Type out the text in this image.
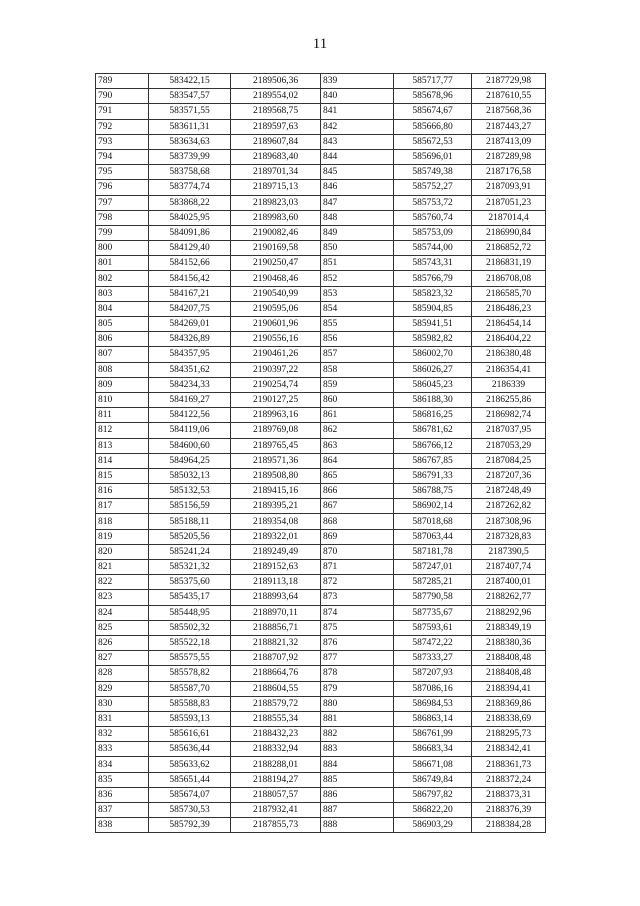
11
789	583422,15	2189506,36	839	585717,77	2187729,98
790	583547,57	2189554,02	840	585678,96	2187610,55
791	583571,55	2189568,75	841	585674,67	2187568,36
792	583611,31	2189597,63	842	585666,80	2187443,27
793	583634,63	2189607,84	843	585672,53	2187413,09
794	583739,99	2189683,40	844	585696,01	2187289,98
795	583758,68	2189701,34	845	585749,38	2187176,58
796	583774,74	2189715,13	846	585752,27	2187093,91
797	583868,22	2189823,03	847	585753,72	2187051,23
798	584025,95	2189983,60	848	585760,74	2187014,4
799	584091,86	2190082,46	849	585753,09	2186990,84
800	584129,40	2190169,58	850	585744,00	2186852,72
801	584152,66	2190250,47	851	585743,31	2186831,19
802	584156,42	2190468,46	852	585766,79	2186708,08
803	584167,21	2190540,99	853	585823,32	2186585,70
804	584207,75	2190595,06	854	585904,85	2186486,23
805	584269,01	2190601,96	855	585941,51	2186454,14
806	584326,89	2190556,16	856	585982,82	2186404,22
807	584357,95	2190461,26	857	586002,70	2186380,48
808	584351,62	2190397,22	858	586026,27	2186354,41
809	584234,33	2190254,74	859	586045,23	2186339
810	584169,27	2190127,25	860	586188,30	2186255,86
811	584122,56	2189963,16	861	586816,25	2186982,74
812	584119,06	2189769,08	862	586781,62	2187037,95
813	584600,60	2189765,45	863	586766,12	2187053,29
814	584964,25	2189571,36	864	586767,85	2187084,25
815	585032,13	2189508,80	865	586791,33	2187207,36
816	585132,53	2189415,16	866	586788,75	2187248,49
817	585156,59	2189395,21	867	586902,14	2187262,82
818	585188,11	2189354,08	868	587018,68	2187308,96
819	585205,56	2189322,01	869	587063,44	2187328,83
820	585241,24	2189249,49	870	587181,78	2187390,5
821	585321,32	2189152,63	871	587247,01	2187407,74
822	585375,60	2189113,18	872	587285,21	2187400,01
823	585435,17	2188993,64	873	587790,58	2188262,77
824	585448,95	2188970,11	874	587735,67	2188292,96
825	585502,32	2188856,71	875	587593,61	2188349,19
826	585522,18	2188821,32	876	587472,22	2188380,36
827	585575,55	2188707,92	877	587333,27	2188408,48
828	585578,82	2188664,76	878	587207,93	2188408,48
829	585587,70	2188604,55	879	587086,16	2188394,41
830	585588,83	2188579,72	880	586984,53	2188369,86
831	585593,13	2188555,34	881	586863,14	2188338,69
832	585616,61	2188432,23	882	586761,99	2188295,73
833	585636,44	2188332,94	883	586683,34	2188342,41
834	585633,62	2188288,01	884	586671,08	2188361,73
835	585651,44	2188194,27	885	586749,84	2188372,24
836	585674,07	2188057,57	886	586797,82	2188373,31
837	585730,53	2187932,41	887	586822,20	2188376,39
838	585792,39	2187855,73	888	586903,29	2188384,28
